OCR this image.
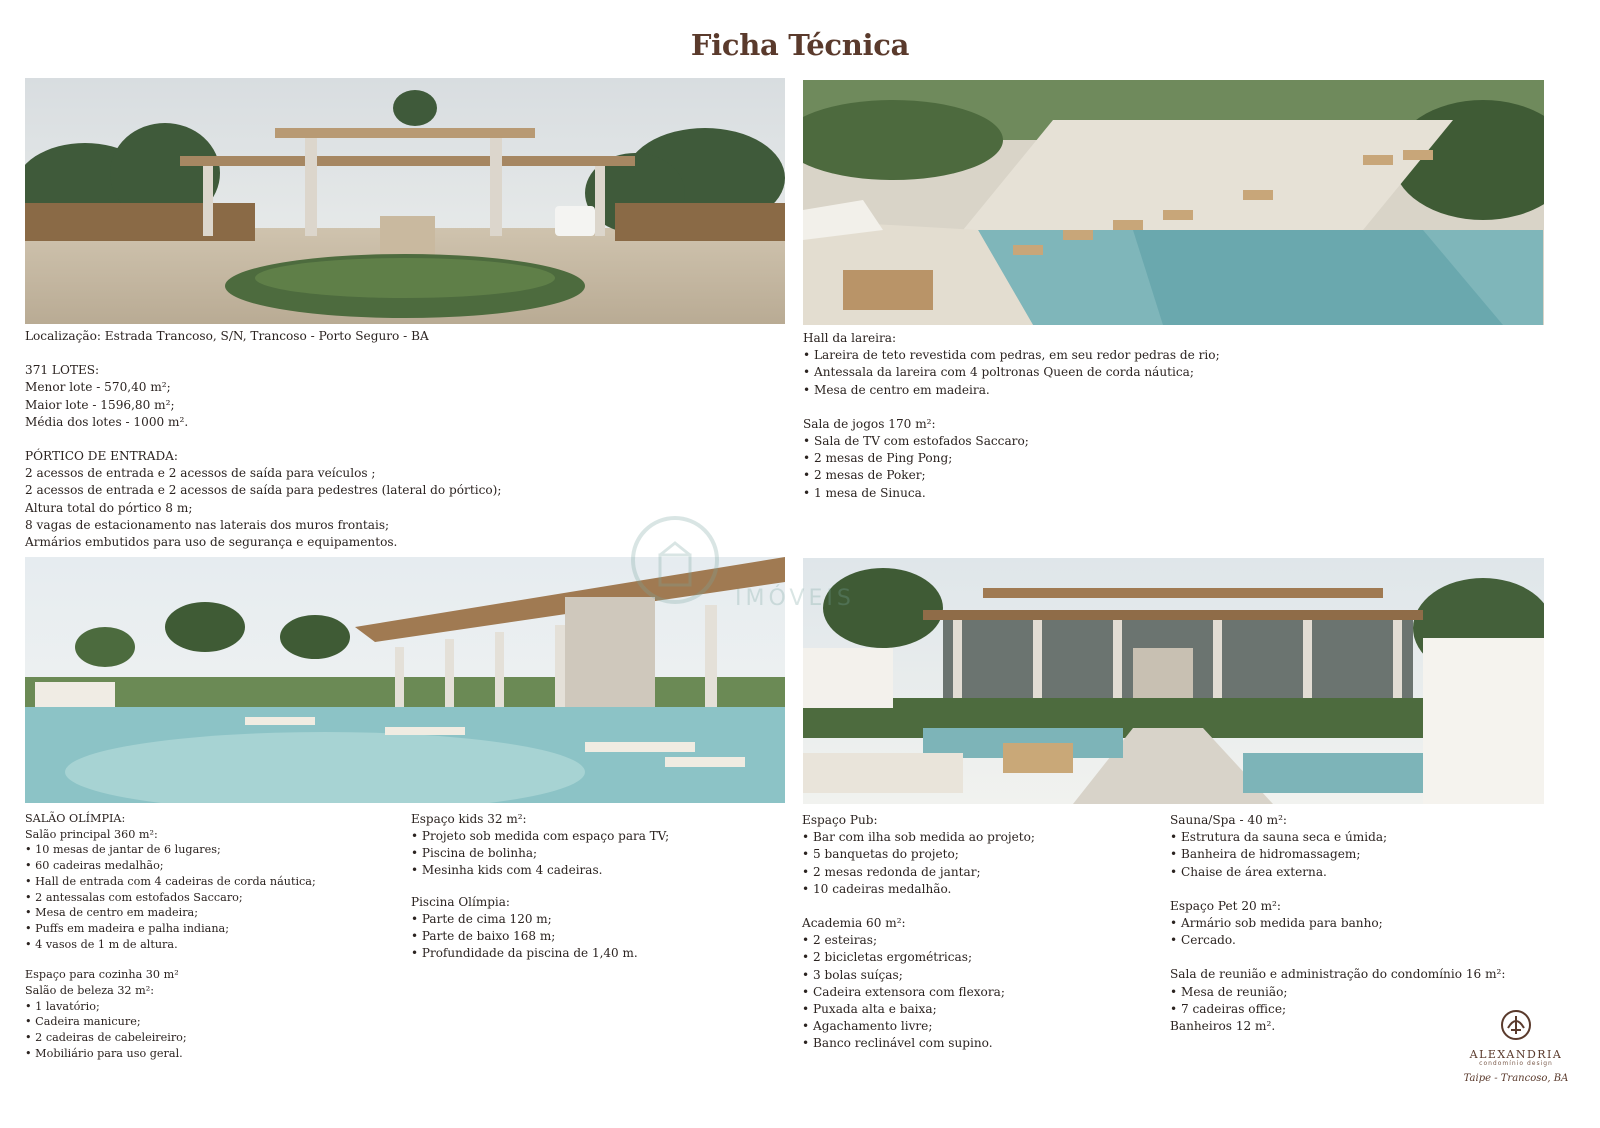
Ficha Técnica
Localização: Estrada Trancoso, S/N, Trancoso - Porto Seguro - BA
371 LOTES:
Menor lote - 570,40 m²;
Maior lote - 1596,80 m²;
Média dos lotes - 1000 m².
PÓRTICO DE ENTRADA:
2 acessos de entrada e 2 acessos de saída para veículos ;
2 acessos de entrada e 2 acessos de saída para pedestres (lateral do pórtico);
Altura total do pórtico 8 m;
8 vagas de estacionamento nas laterais dos muros frontais;
Armários embutidos para uso de segurança e equipamentos.
Hall da lareira:
• Lareira de teto revestida com pedras, em seu redor pedras de rio;
• Antessala da lareira com 4 poltronas Queen de corda náutica;
• Mesa de centro em madeira.
Sala de jogos 170 m²:
• Sala de TV com estofados Saccaro;
• 2 mesas de Ping Pong;
• 2 mesas de Poker;
• 1 mesa de Sinuca.
SALÃO OLÍMPIA:
Salão principal 360 m²:
• 10 mesas de jantar de 6 lugares;
• 60 cadeiras medalhão;
• Hall de entrada com 4 cadeiras de corda náutica;
• 2 antessalas com estofados Saccaro;
• Mesa de centro em madeira;
• Puffs em madeira e palha indiana;
• 4 vasos de 1 m de altura.
Espaço para cozinha 30 m²
Salão de beleza 32 m²:
• 1 lavatório;
• Cadeira manicure;
• 2 cadeiras de cabeleireiro;
• Mobiliário para uso geral.
Espaço kids 32 m²:
• Projeto sob medida com espaço para TV;
• Piscina de bolinha;
• Mesinha kids com 4 cadeiras.
Piscina Olímpia:
• Parte de cima 120 m;
• Parte de baixo 168 m;
• Profundidade da piscina de 1,40 m.
Espaço Pub:
• Bar com ilha sob medida ao projeto;
• 5 banquetas do projeto;
• 2 mesas redonda de jantar;
• 10 cadeiras medalhão.
Academia 60 m²:
• 2 esteiras;
• 2 bicicletas ergométricas;
• 3 bolas suíças;
• Cadeira extensora com flexora;
• Puxada alta e baixa;
• Agachamento livre;
• Banco reclinável com supino.
Sauna/Spa - 40 m²:
• Estrutura da sauna seca e úmida;
• Banheira de hidromassagem;
• Chaise de área externa.
Espaço Pet 20 m²:
• Armário sob medida para banho;
• Cercado.
Sala de reunião e administração do condomínio 16 m²:
• Mesa de reunião;
• 7 cadeiras office;
Banheiros 12 m².
IMÓVEIS
ALEXANDRIA
condomínio design
Taipe - Trancoso, BA
